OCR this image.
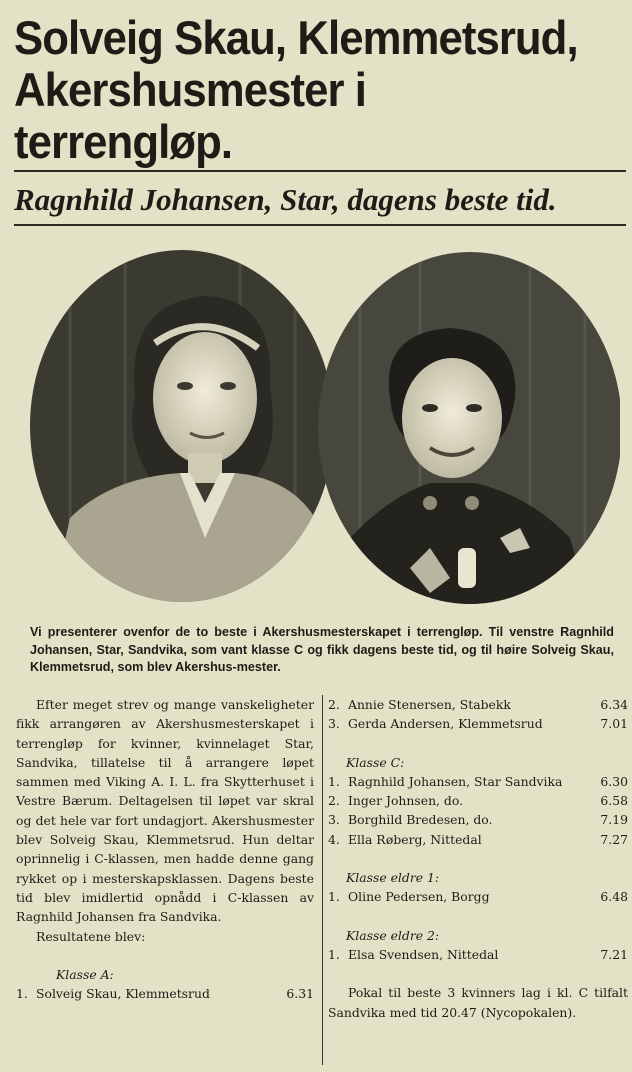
Solveig Skau, Klemmetsrud, Akershusmester i terrengløp.
Ragnhild Johansen, Star, dagens beste tid.

Vi presenterer ovenfor de to beste i Akershusmesterskapet i terrengløp. Til venstre Ragnhild Johansen, Star, Sandvika, som vant klasse C og fikk dagens beste tid, og til høire Solveig Skau, Klemmetsrud, som blev Akershus-mester.

Efter meget strev og mange vanskeligheter fikk arrangøren av Akershusmesterskapet i terrengløp for kvinner, kvinnelaget Star, Sandvika, tillatelse til å arrangere løpet sammen med Viking A. I. L. fra Skytterhuset i Vestre Bærum. Deltagelsen til løpet var skral og det hele var fort undagjort. Akershusmester blev Solveig Skau, Klemmetsrud. Hun deltar oprinnelig i C-klassen, men hadde denne gang rykket op i mesterskapsklassen. Dagens beste tid blev imidlertid opnådd i C-klassen av Ragnhild Johansen fra Sandvika.

Resultatene blev:

Klasse A:

1. Solveig Skau, Klemmetsrud	6.31
2. Annie Stenersen, Stabekk	6.34
3. Gerda Andersen, Klemmetsrud	7.01

Klasse C:

1. Ragnhild Johansen, Star Sandvika	6.30
2. Inger Johnsen, do.	6.58
3. Borghild Bredesen, do.	7.19
4. Ella Røberg, Nittedal	7.27

Klasse eldre 1:

1. Oline Pedersen, Borgg	6.48

Klasse eldre 2:

1. Elsa Svendsen, Nittedal	7.21

Pokal til beste 3 kvinners lag i kl. C tilfalt Sandvika med tid 20.47 (Nycopokalen).
